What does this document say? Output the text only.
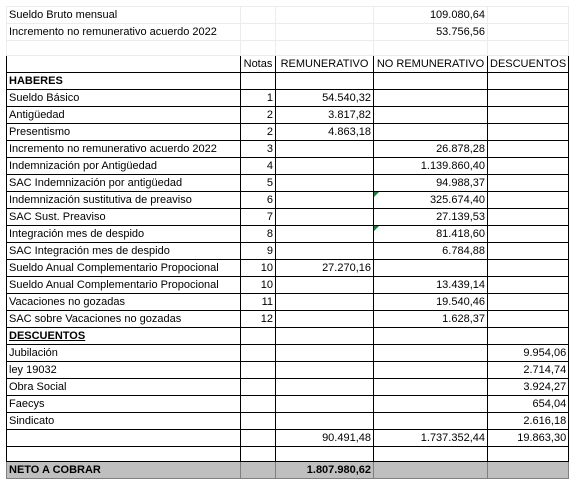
Sueldo Bruto mensual			109.080,64	
Incremento no remunerativo acuerdo 2022			53.756,56	

	Notas	REMUNERATIVO	NO REMUNERATIVO	DESCUENTOS
HABERES				
Sueldo Básico	1	54.540,32		
Antigüedad	2	3.817,82		
Presentismo	2	4.863,18		
Incremento no remunerativo acuerdo 2022	3		26.878,28	
Indemnización por Antigüedad	4		1.139.860,40	
SAC Indemnización por antigüedad	5		94.988,37	
Indemnización sustitutiva de preaviso	6		325.674,40

SAC Sust. Preaviso	7		27.139,53	
Integración mes de despido	8		81.418,60

SAC Integración mes de despido	9		6.784,88	
Sueldo Anual Complementario Propocional	10	27.270,16		
Sueldo Anual Complementario Propocional	10		13.439,14	
Vacaciones no gozadas	11		19.540,46	
SAC sobre Vacaciones no gozadas	12		1.628,37	
DESCUENTOS				
Jubilación				9.954,06
ley 19032				2.714,74
Obra Social				3.924,27
Faecys				654,04
Sindicato				2.616,18
		90.491,48	1.737.352,44	19.863,30

NETO A COBRAR		1.807.980,62		
